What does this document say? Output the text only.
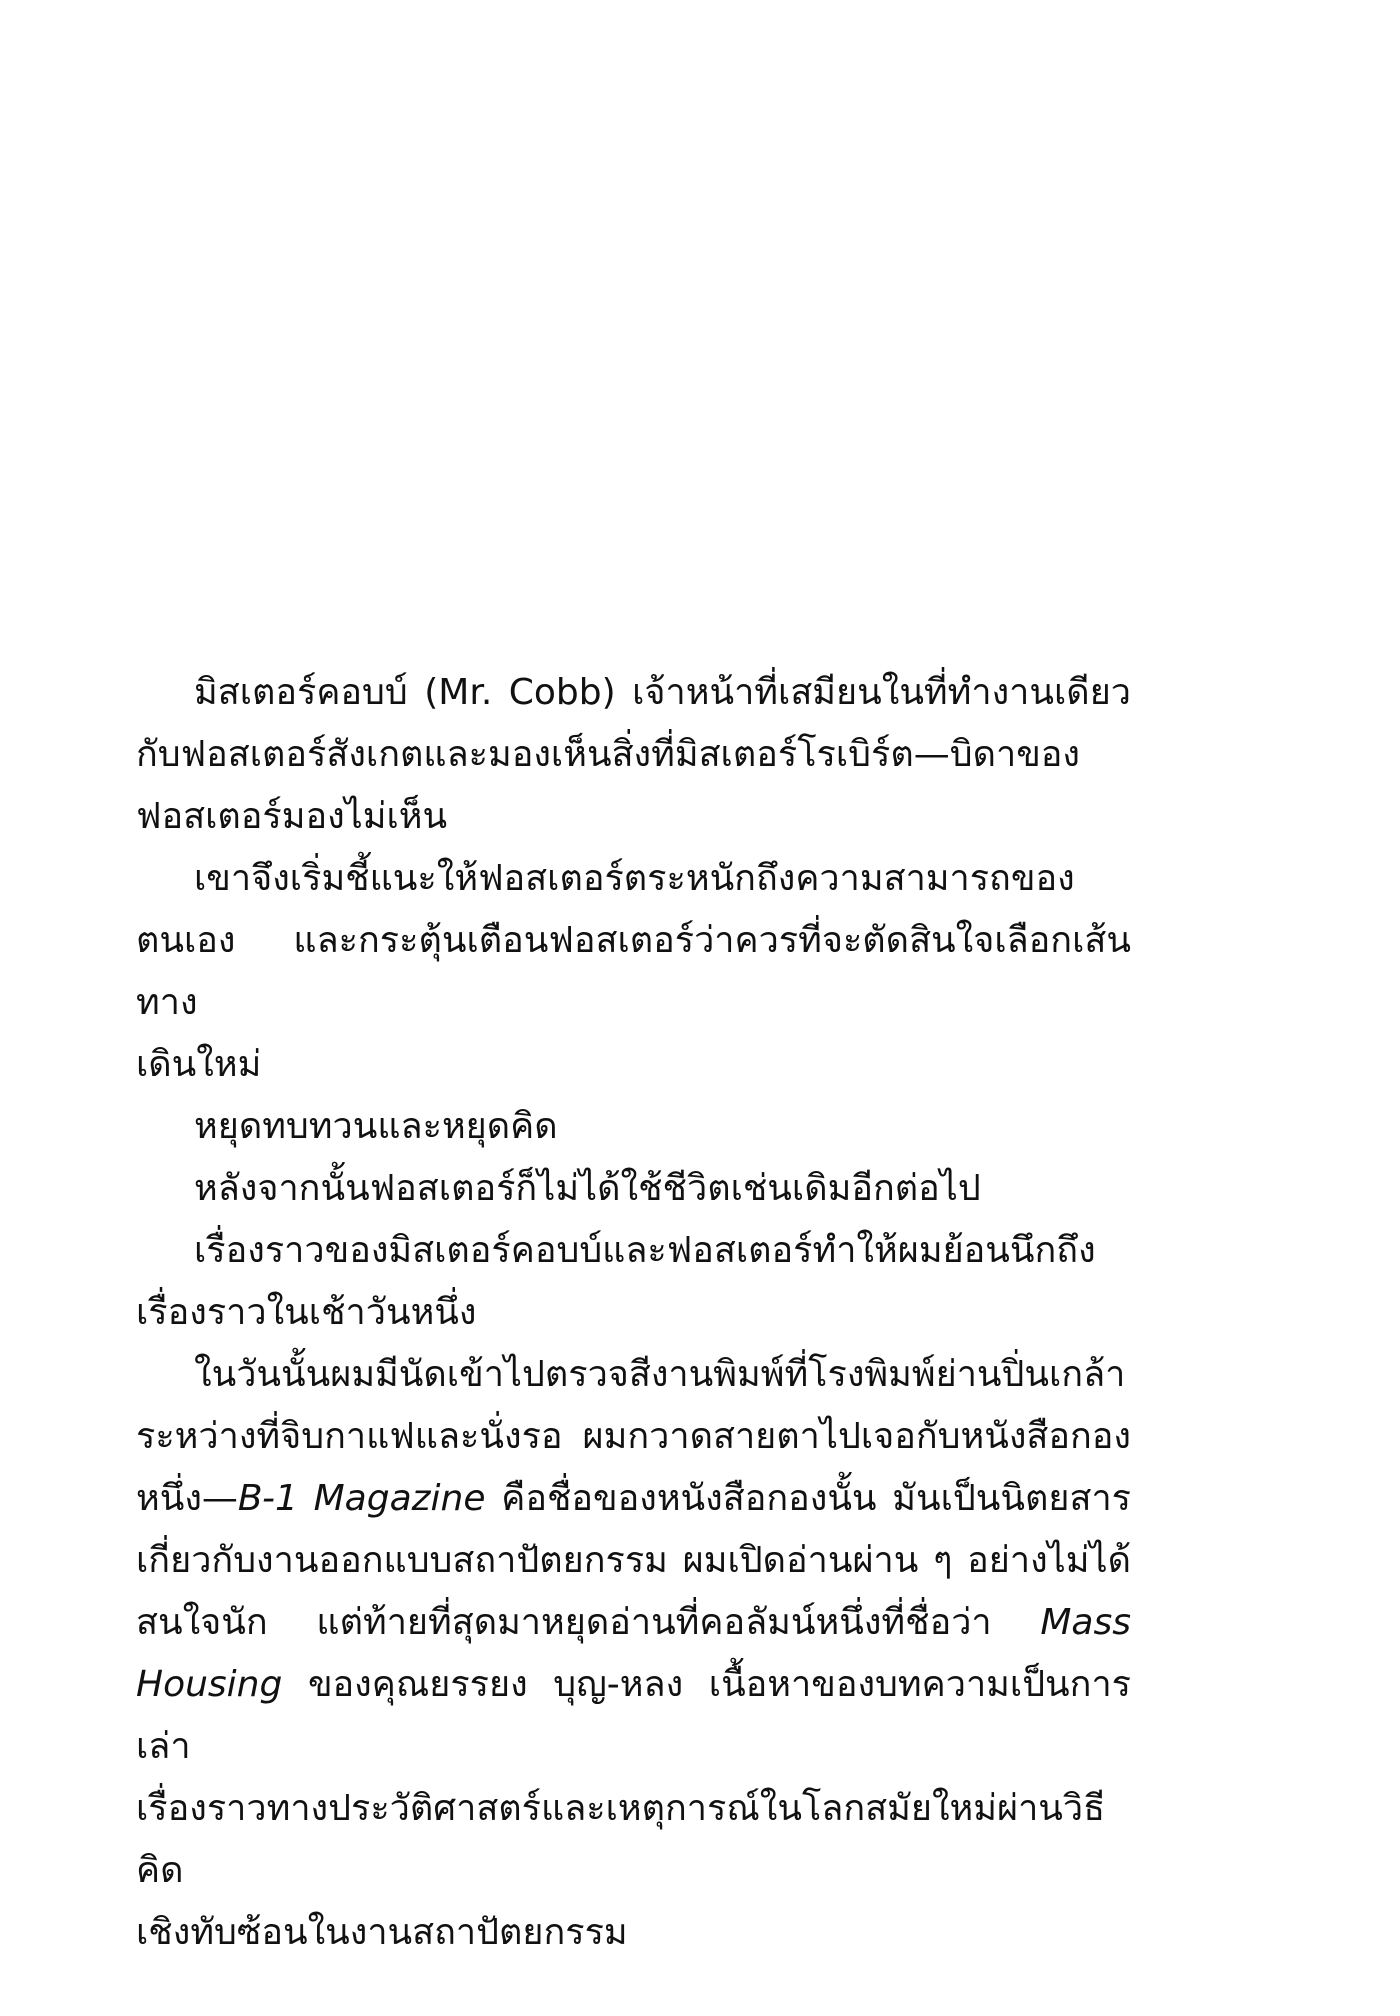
มิสเตอร์คอบบ์ (Mr. Cobb) เจ้าหน้าที่เสมียนในที่ทำงานเดียว
กับฟอสเตอร์สังเกตและมองเห็นสิ่งที่มิสเตอร์โรเบิร์ต—บิดาของ
ฟอสเตอร์มองไม่เห็น
เขาจึงเริ่มชี้แนะให้ฟอสเตอร์ตระหนักถึงความสามารถของ
ตนเอง และกระตุ้นเตือนฟอสเตอร์ว่าควรที่จะตัดสินใจเลือกเส้นทาง
เดินใหม่
หยุดทบทวนและหยุดคิด
หลังจากนั้นฟอสเตอร์ก็ไม่ได้ใช้ชีวิตเช่นเดิมอีกต่อไป
เรื่องราวของมิสเตอร์คอบบ์และฟอสเตอร์ทำให้ผมย้อนนึกถึง
เรื่องราวในเช้าวันหนึ่ง
ในวันนั้นผมมีนัดเข้าไปตรวจสีงานพิมพ์ที่โรงพิมพ์ย่านปิ่นเกล้า
ระหว่างที่จิบกาแฟและนั่งรอ ผมกวาดสายตาไปเจอกับหนังสือกอง
หนึ่ง—B-1 Magazine คือชื่อของหนังสือกองนั้น มันเป็นนิตยสาร
เกี่ยวกับงานออกแบบสถาปัตยกรรม ผมเปิดอ่านผ่าน ๆ อย่างไม่ได้
สนใจนัก แต่ท้ายที่สุดมาหยุดอ่านที่คอลัมน์หนึ่งที่ชื่อว่า Mass
Housing ของคุณยรรยง บุญ-หลง เนื้อหาของบทความเป็นการเล่า
เรื่องราวทางประวัติศาสตร์และเหตุการณ์ในโลกสมัยใหม่ผ่านวิธีคิด
เชิงทับซ้อนในงานสถาปัตยกรรม
